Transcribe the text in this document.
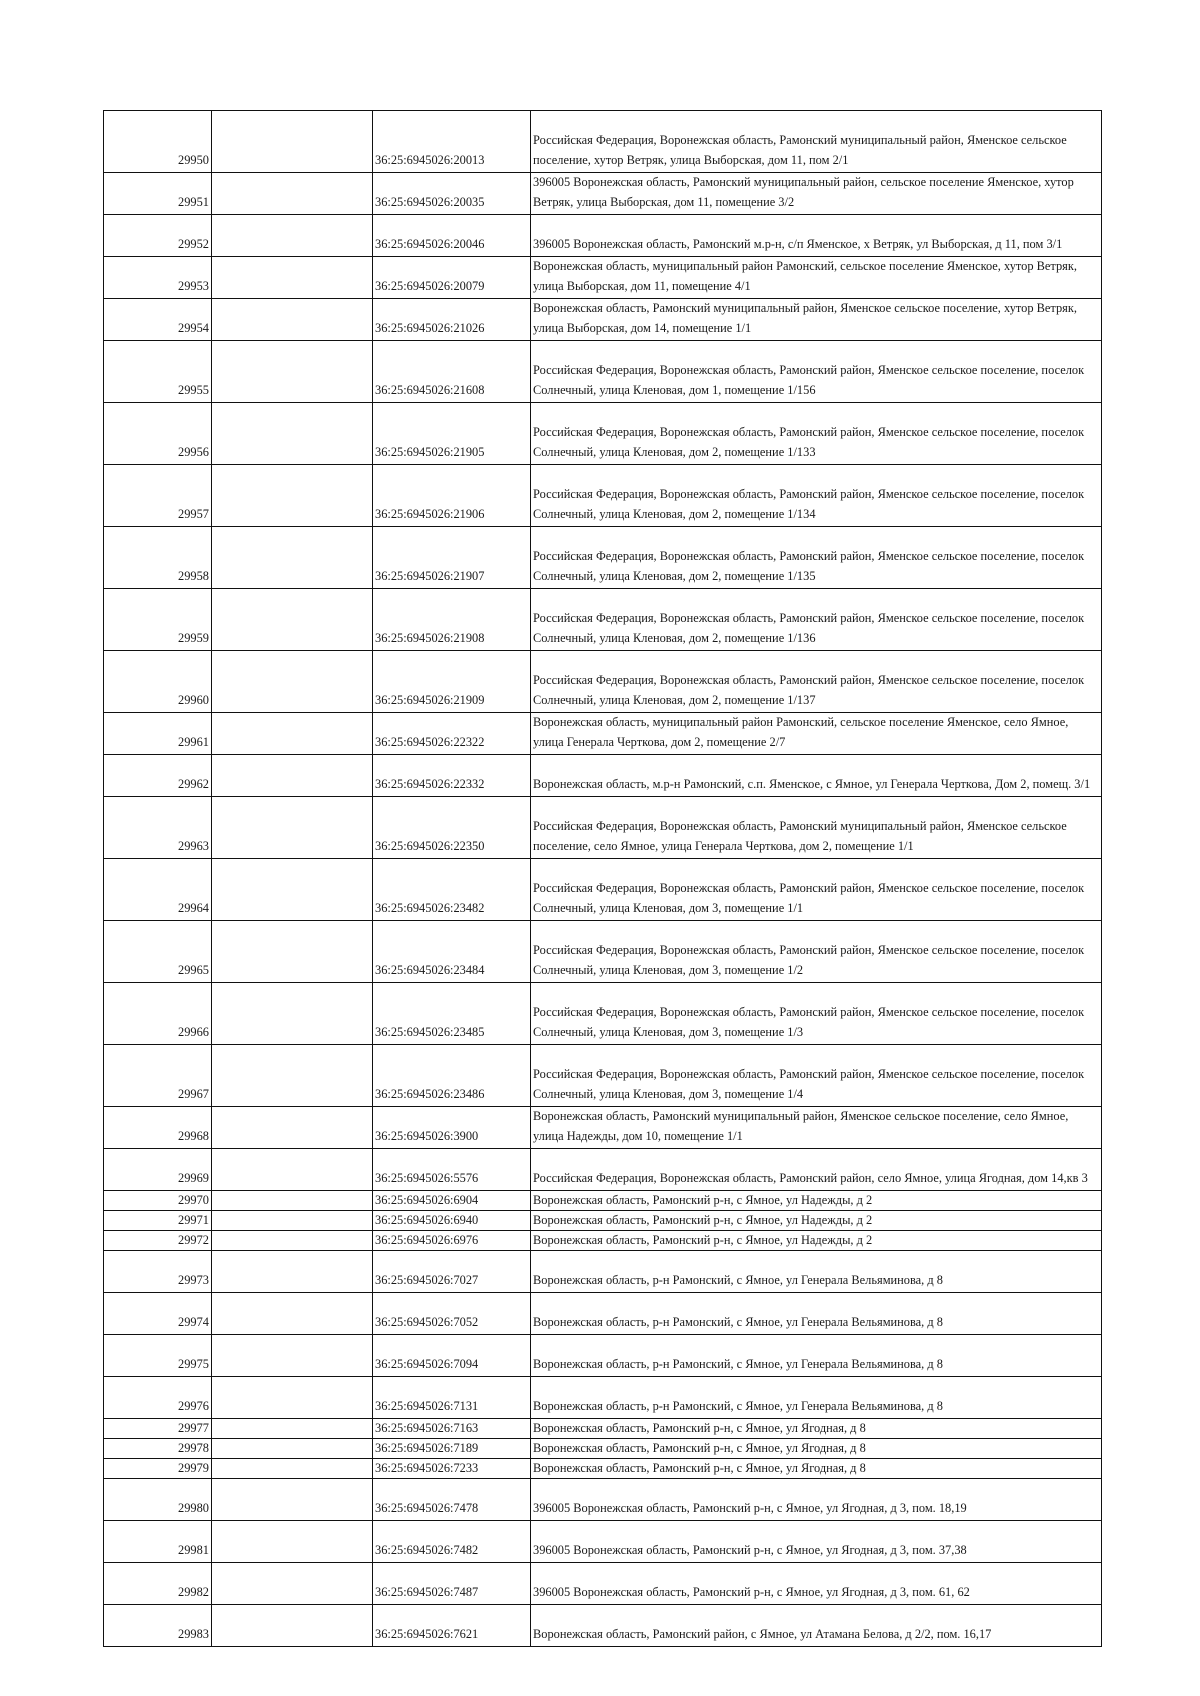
29950		36:25:6945026:20013	Российская Федерация, Воронежская область, Рамонский муниципальный район, Яменское сельское поселение, хутор Ветряк, улица Выборская, дом 11, пом 2/1
29951		36:25:6945026:20035	396005 Воронежская область, Рамонский муниципальный район, сельское поселение Яменское, хутор Ветряк, улица Выборская, дом 11, помещение 3/2
29952		36:25:6945026:20046	396005 Воронежская область, Рамонский м.р-н, с/п Яменское, х Ветряк, ул Выборская, д 11, пом 3/1
29953		36:25:6945026:20079	Воронежская область, муниципальный район Рамонский, сельское поселение Яменское, хутор Ветряк, улица Выборская, дом 11, помещение 4/1
29954		36:25:6945026:21026	Воронежская область, Рамонский муниципальный район, Яменское сельское поселение, хутор Ветряк, улица Выборская, дом 14, помещение 1/1
29955		36:25:6945026:21608	Российская Федерация, Воронежская область, Рамонский район, Яменское сельское поселение, поселок Солнечный, улица Кленовая, дом 1, помещение 1/156
29956		36:25:6945026:21905	Российская Федерация, Воронежская область, Рамонский район, Яменское сельское поселение, поселок Солнечный, улица Кленовая, дом 2, помещение 1/133
29957		36:25:6945026:21906	Российская Федерация, Воронежская область, Рамонский район, Яменское сельское поселение, поселок Солнечный, улица Кленовая, дом 2, помещение 1/134
29958		36:25:6945026:21907	Российская Федерация, Воронежская область, Рамонский район, Яменское сельское поселение, поселок Солнечный, улица Кленовая, дом 2, помещение 1/135
29959		36:25:6945026:21908	Российская Федерация, Воронежская область, Рамонский район, Яменское сельское поселение, поселок Солнечный, улица Кленовая, дом 2, помещение 1/136
29960		36:25:6945026:21909	Российская Федерация, Воронежская область, Рамонский район, Яменское сельское поселение, поселок Солнечный, улица Кленовая, дом 2, помещение 1/137
29961		36:25:6945026:22322	Воронежская область, муниципальный район Рамонский, сельское поселение Яменское, село Ямное, улица Генерала Черткова, дом 2, помещение 2/7
29962		36:25:6945026:22332	Воронежская область, м.р-н Рамонский, с.п. Яменское, с Ямное, ул Генерала Черткова, Дом 2, помещ. 3/1
29963		36:25:6945026:22350	Российская Федерация, Воронежская область, Рамонский муниципальный район, Яменское сельское поселение, село Ямное, улица Генерала Черткова, дом 2, помещение 1/1
29964		36:25:6945026:23482	Российская Федерация, Воронежская область, Рамонский район, Яменское сельское поселение, поселок Солнечный, улица Кленовая, дом 3, помещение 1/1
29965		36:25:6945026:23484	Российская Федерация, Воронежская область, Рамонский район, Яменское сельское поселение, поселок Солнечный, улица Кленовая, дом 3, помещение 1/2
29966		36:25:6945026:23485	Российская Федерация, Воронежская область, Рамонский район, Яменское сельское поселение, поселок Солнечный, улица Кленовая, дом 3, помещение 1/3
29967		36:25:6945026:23486	Российская Федерация, Воронежская область, Рамонский район, Яменское сельское поселение, поселок Солнечный, улица Кленовая, дом 3, помещение 1/4
29968		36:25:6945026:3900	Воронежская область, Рамонский муниципальный район, Яменское сельское поселение, село Ямное, улица Надежды, дом 10, помещение 1/1
29969		36:25:6945026:5576	Российская Федерация, Воронежская область, Рамонский район, село Ямное, улица Ягодная, дом 14,кв 3
29970		36:25:6945026:6904	Воронежская область, Рамонский р-н, с Ямное, ул Надежды, д 2
29971		36:25:6945026:6940	Воронежская область, Рамонский р-н, с Ямное, ул Надежды, д 2
29972		36:25:6945026:6976	Воронежская область, Рамонский р-н, с Ямное, ул Надежды, д 2
29973		36:25:6945026:7027	Воронежская область, р-н Рамонский, с Ямное, ул Генерала Вельяминова, д 8
29974		36:25:6945026:7052	Воронежская область, р-н Рамонский, с Ямное, ул Генерала Вельяминова, д 8
29975		36:25:6945026:7094	Воронежская область, р-н Рамонский, с Ямное, ул Генерала Вельяминова, д 8
29976		36:25:6945026:7131	Воронежская область, р-н Рамонский, с Ямное, ул Генерала Вельяминова, д 8
29977		36:25:6945026:7163	Воронежская область, Рамонский р-н, с Ямное, ул Ягодная, д 8
29978		36:25:6945026:7189	Воронежская область, Рамонский р-н, с Ямное, ул Ягодная, д 8
29979		36:25:6945026:7233	Воронежская область, Рамонский р-н, с Ямное, ул Ягодная, д 8
29980		36:25:6945026:7478	396005 Воронежская область, Рамонский р-н, с Ямное, ул Ягодная, д 3, пом. 18,19
29981		36:25:6945026:7482	396005 Воронежская область, Рамонский р-н, с Ямное, ул Ягодная, д 3, пом. 37,38
29982		36:25:6945026:7487	396005 Воронежская область, Рамонский р-н, с Ямное, ул Ягодная, д 3, пом. 61, 62
29983		36:25:6945026:7621	Воронежская область, Рамонский район, с Ямное, ул Атамана Белова, д 2/2, пом. 16,17
